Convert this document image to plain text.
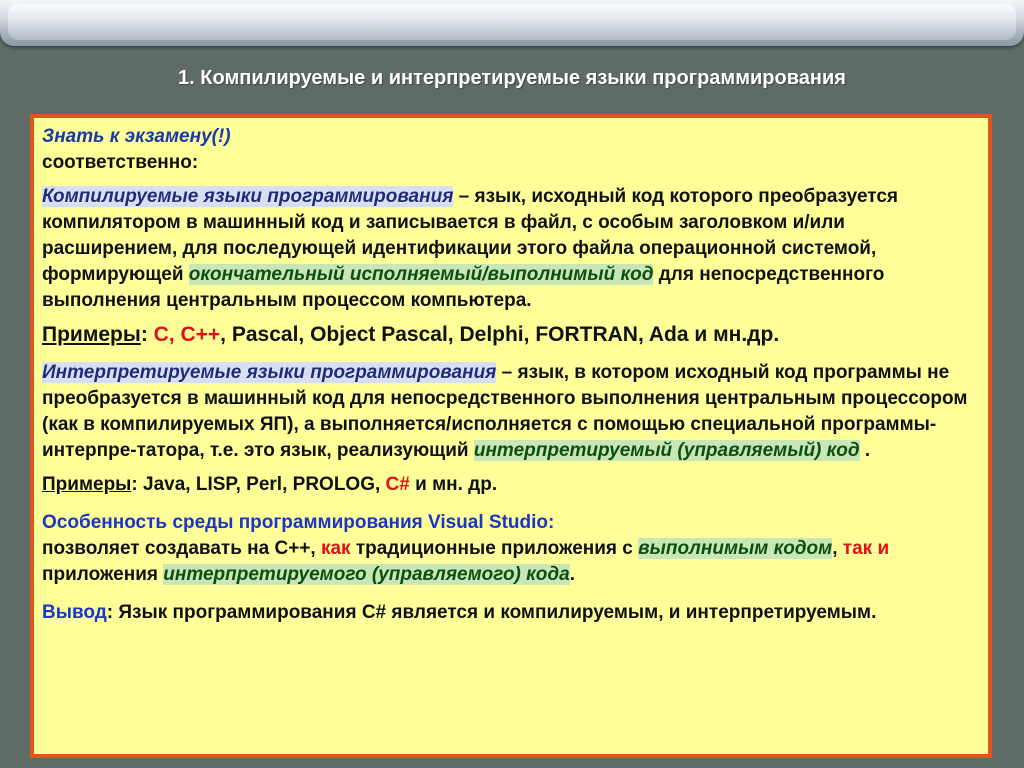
1. Компилируемые и интерпретируемые языки программирования

Знать к экзамену(!)

соответственно:

Компилируемые языки программирования – язык, исходный код которого преобразуется компилятором в машинный код и записывается в файл, с особым заголовком и/или расширением, для последующей идентификации этого файла операционной системой, формирующей окончательный исполняемый/выполнимый код для непосредственного выполнения центральным процессом компьютера.

Примеры: C, C++, Pascal, Object Pascal, Delphi, FORTRAN, Ada и мн.др.

Интерпретируемые языки программирования – язык, в котором исходный код программы не преобразуется в машинный код для непосредственного выполнения центральным процессором (как в компилируемых ЯП), а выполняется/исполняется с помощью специальной программы-интерпре-татора, т.е. это язык, реализующий интерпретируемый (управляемый) код .

Примеры: Java, LISP, Perl, PROLOG, C# и мн. др.

Особенность среды программирования Visual Studio:

позволяет создавать на C++, как традиционные приложения с выполнимым кодом, так и приложения интерпретируемого (управляемого) кода.

Вывод: Язык программирования C# является и компилируемым, и интерпретируемым.
